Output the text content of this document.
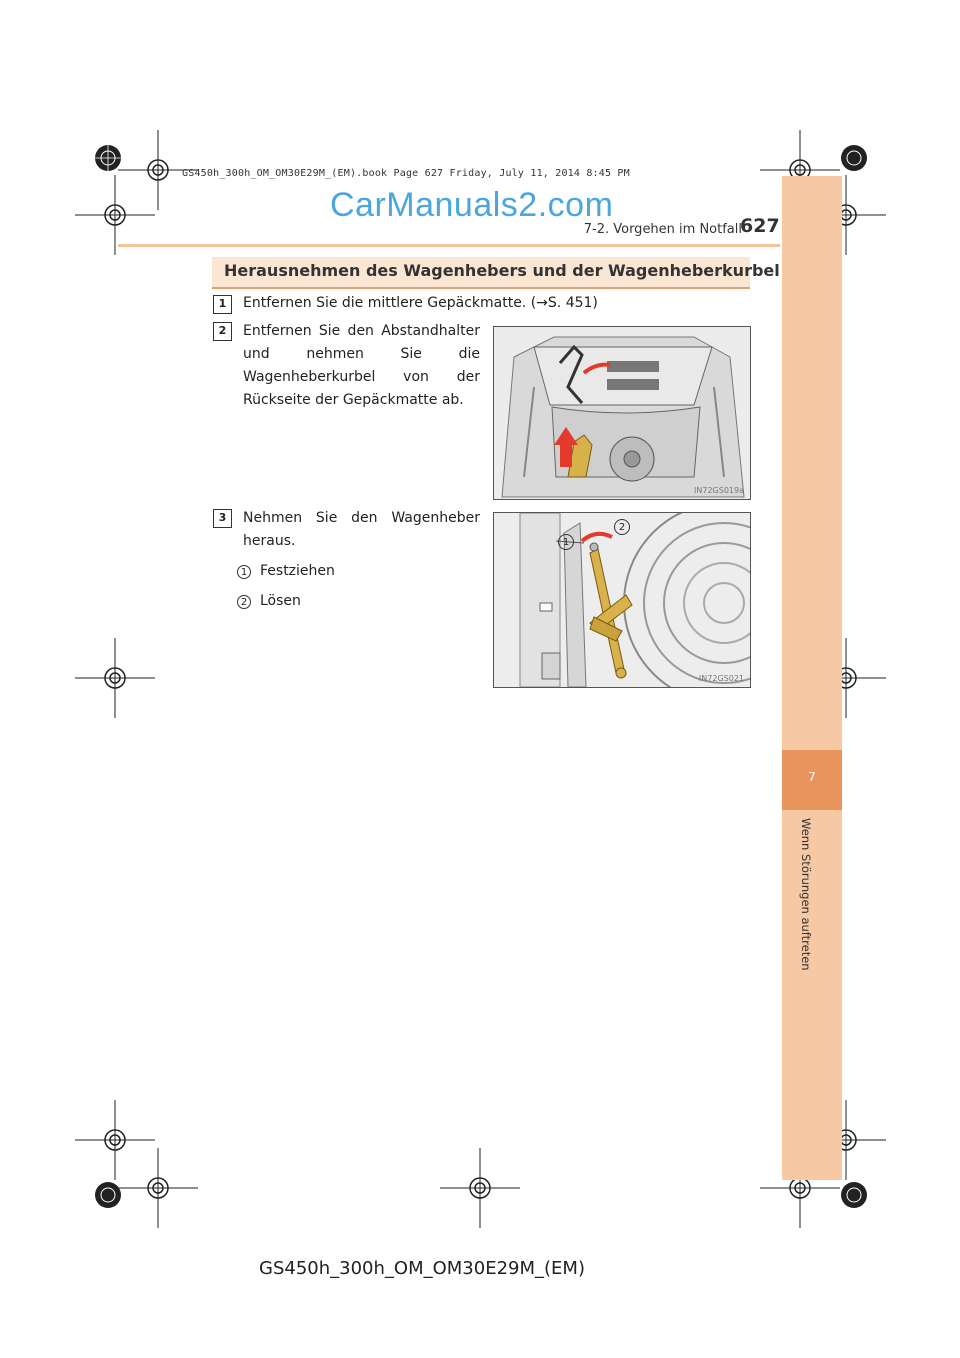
GS450h_300h_OM_OM30E29M_(EM).book Page 627 Friday, July 11, 2014 8:45 PM
CarManuals2.com
7
Wenn Störungen auftreten
7-2. Vorgehen im Notfall
627
Herausnehmen des Wagenhebers und der Wagenheberkurbel
1	Entfernen Sie die mittlere Gepäckmatte. (→S. 451)
2	Entfernen Sie den Abstandhalter und nehmen Sie die Wagenheberkurbel von der Rückseite der Gepäckmatte ab.
IN72GS019a
3	Nehmen Sie den Wagenheber heraus.
1 Festziehen
2 Lösen
1
2
IN72GS021
GS450h_300h_OM_OM30E29M_(EM)
